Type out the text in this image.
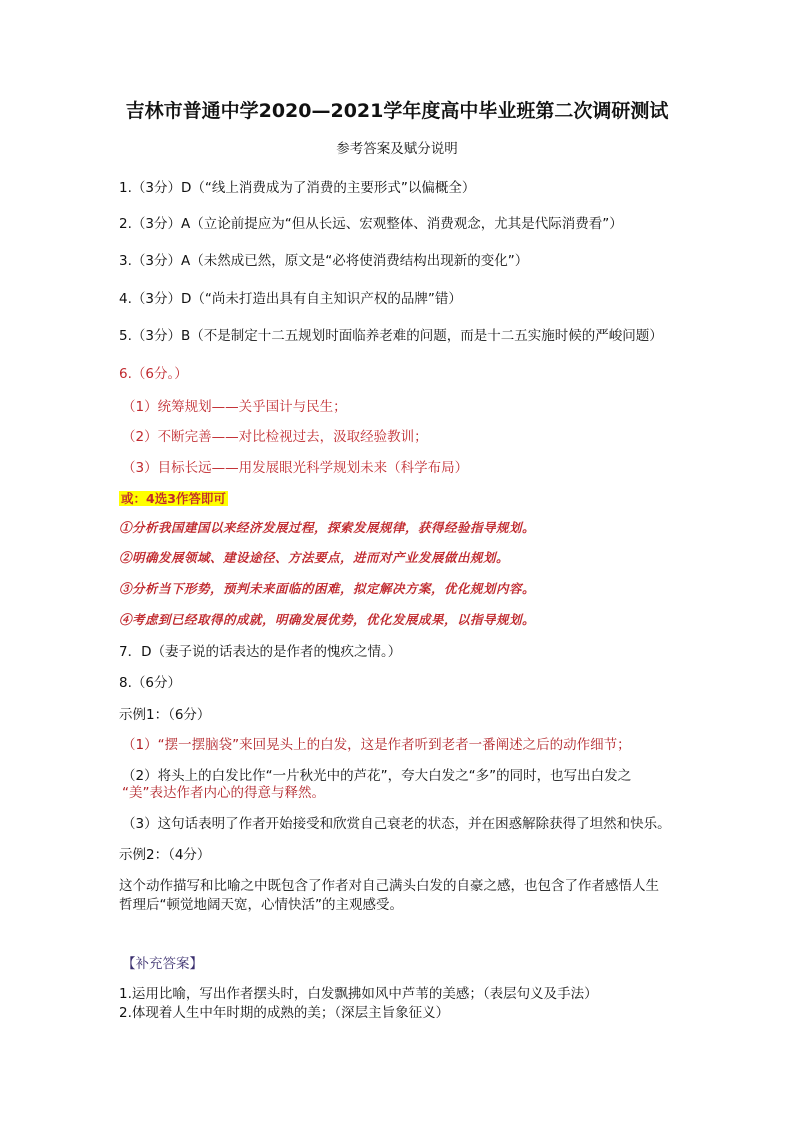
吉林市普通中学2020—2021学年度高中毕业班第二次调研测试
参考答案及赋分说明
1.（3分）D（“线上消费成为了消费的主要形式”以偏概全）
2.（3分）A（立论前提应为“但从长远、宏观整体、消费观念，尤其是代际消费看”）
3.（3分）A（未然成已然，原文是“必将使消费结构出现新的变化”）
4.（3分）D（“尚未打造出具有自主知识产权的品牌”错）
5.（3分）B（不是制定十二五规划时面临养老难的问题，而是十二五实施时候的严峻问题）
6.（6分。）
（1）统筹规划——关乎国计与民生；
（2）不断完善——对比检视过去，汲取经验教训；
（3）目标长远——用发展眼光科学规划未来（科学布局）
或：4选3作答即可
①分析我国建国以来经济发展过程，探索发展规律，获得经验指导规划。
②明确发展领域、建设途径、方法要点，进而对产业发展做出规划。
③分析当下形势，预判未来面临的困难，拟定解决方案，优化规划内容。
④考虑到已经取得的成就，明确发展优势，优化发展成果，以指导规划。
7．D（妻子说的话表达的是作者的愧疚之情。）
8.（6分）
示例1：（6分）
（1）“摆一摆脑袋”来回晃头上的白发，这是作者听到老者一番阐述之后的动作细节；
（2）将头上的白发比作“一片秋光中的芦花”，夸大白发之“多”的同时，也写出白发之
“美”表达作者内心的得意与释然。
（3）这句话表明了作者开始接受和欣赏自己衰老的状态，并在困惑解除获得了坦然和快乐。
示例2：（4分）
这个动作描写和比喻之中既包含了作者对自己满头白发的自豪之感，也包含了作者感悟人生
哲理后“顿觉地阔天宽，心情快活”的主观感受。
【补充答案】
1.运用比喻，写出作者摆头时，白发飘拂如风中芦苇的美感；（表层句义及手法）
2.体现着人生中年时期的成熟的美；（深层主旨象征义）
